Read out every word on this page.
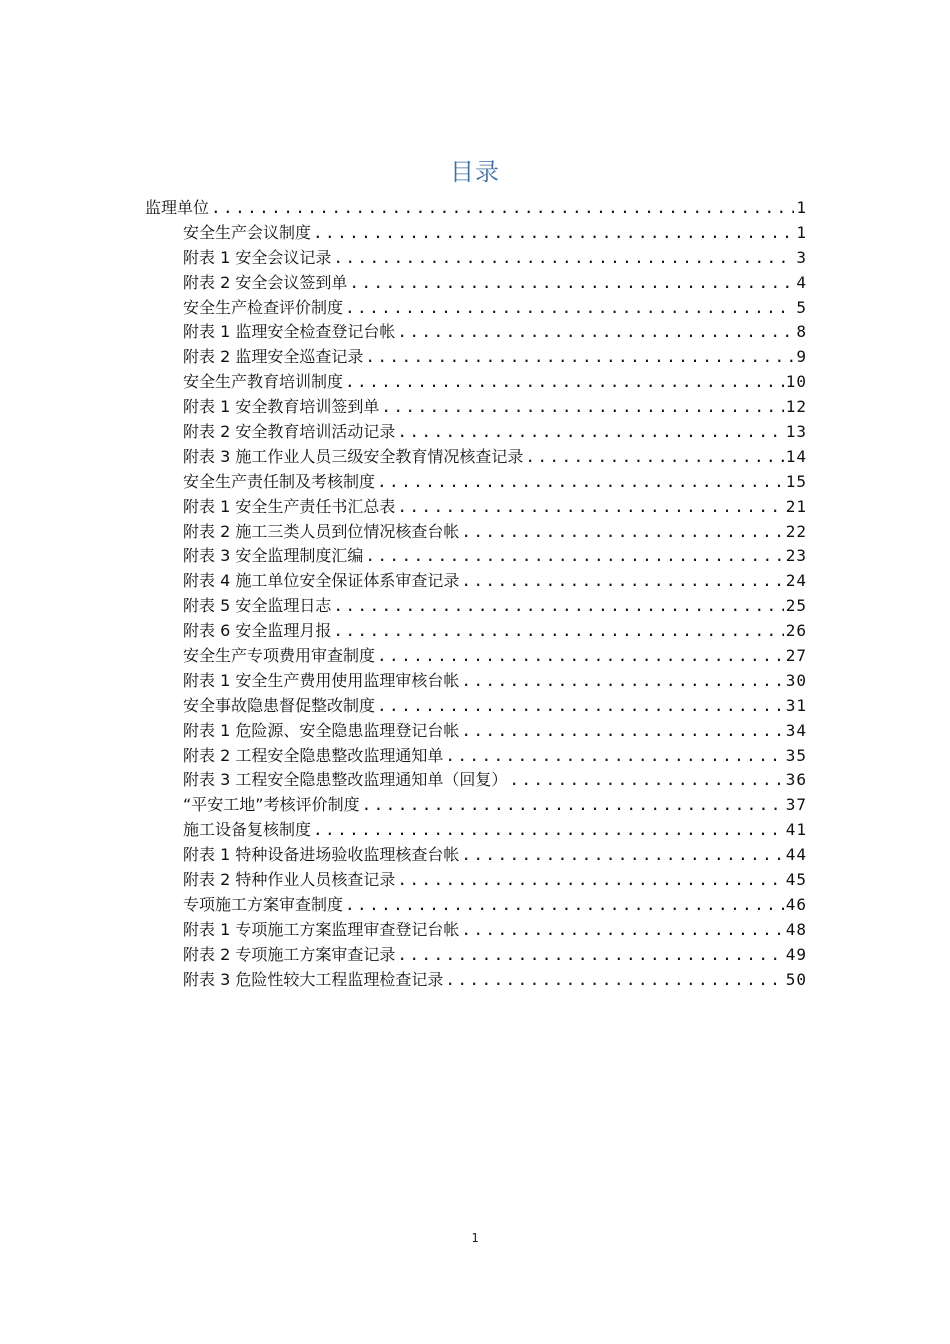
目录
监理单位 .....	1
安全生产会议制度 .....	1
附表 1 安全会议记录 .....	3
附表 2 安全会议签到单 .....	4
安全生产检查评价制度 .....	5
附表 1 监理安全检查登记台帐 .....	8
附表 2 监理安全巡查记录 .....	9
安全生产教育培训制度 .....	10
附表 1 安全教育培训签到单 .....	12
附表 2 安全教育培训活动记录 .....	13
附表 3 施工作业人员三级安全教育情况核查记录 .....	14
安全生产责任制及考核制度 .....	15
附表 1 安全生产责任书汇总表 .....	21
附表 2 施工三类人员到位情况核查台帐 .....	22
附表 3 安全监理制度汇编 .....	23
附表 4 施工单位安全保证体系审查记录 .....	24
附表 5 安全监理日志 .....	25
附表 6 安全监理月报 .....	26
安全生产专项费用审查制度 .....	27
附表 1 安全生产费用使用监理审核台帐 .....	30
安全事故隐患督促整改制度 .....	31
附表 1 危险源、安全隐患监理登记台帐 .....	34
附表 2 工程安全隐患整改监理通知单 .....	35
附表 3 工程安全隐患整改监理通知单（回复） .....	36
“平安工地”考核评价制度 .....	37
施工设备复核制度 .....	41
附表 1 特种设备进场验收监理核查台帐 .....	44
附表 2 特种作业人员核查记录 .....	45
专项施工方案审查制度 .....	46
附表 1 专项施工方案监理审查登记台帐 .....	48
附表 2 专项施工方案审查记录 .....	49
附表 3 危险性较大工程监理检查记录 .....	50
1
